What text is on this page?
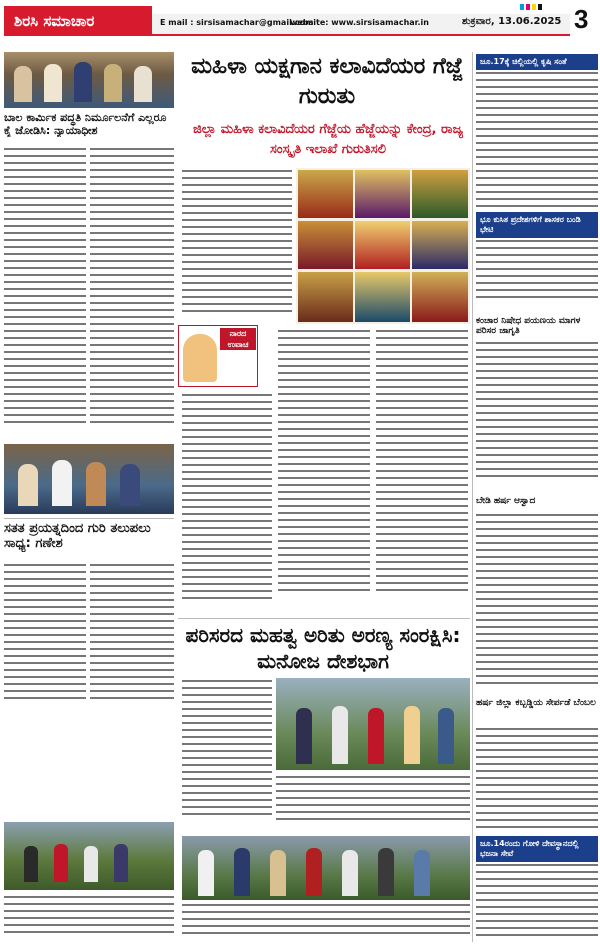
ಶಿರಸಿ ಸಮಾಚಾರ	E mail : sirsisamachar@gmail.com
website: www.sirsisamachar.in	ಶುಕ್ರವಾರ, 13.06.2025 3
ಬಾಲ ಕಾರ್ಮಿಕ ಪದ್ಧತಿ ನಿರ್ಮೂಲನೆಗೆ ಎಲ್ಲರೂ ಕೈ ಜೋಡಿಸಿ: ನ್ಯಾಯಾಧೀಶ
ಸತತ ಪ್ರಯತ್ನದಿಂದ ಗುರಿ ತಲುಪಲು ಸಾಧ್ಯ: ಗಣೇಶ
ಮಹಿಳಾ ಯಕ್ಷಗಾನ ಕಲಾವಿದೆಯರ ಗೆಜ್ಜೆ ಗುರುತು
ಜಿಲ್ಲಾ ಮಹಿಳಾ ಕಲಾವಿದೆಯರ ಗೆಜ್ಜೆಯ ಹೆಜ್ಜೆಯನ್ನು ಕೇಂದ್ರ, ರಾಜ್ಯ ಸಂಸ್ಕೃತಿ ಇಲಾಖೆ ಗುರುತಿಸಲಿ
ನಾರದ ಉವಾಚ
ಪರಿಸರದ ಮಹತ್ವ ಅರಿತು ಅರಣ್ಯ ಸಂರಕ್ಷಿಸಿ: ಮನೋಜ ದೇಶಭಾಗ
ಜೂ.17ಕ್ಕೆ ಚಿಲ್ಲಿಯಲ್ಲಿ ಕೃಷಿ ಸಂತೆ
ಭೂ ಕುಸಿತ ಪ್ರದೇಶಗಳಿಗೆ ಶಾಸಕರ ಬಂಡಿ ಭೇಟಿ
ಕಂಚಾರ ನಿಷೇಧ ಪಯಣಯ ಮಾಗಳ ಪರಿಸರ ಜಾಗೃತಿ
ಬೇಡಿ ಹರ್ಷ ಆಸ್ವಾದ
ಹರ್ಷ ಜಿಲ್ಲಾ ಕಬ್ಬಡ್ಡಿಯ ಸೇರ್ಪಡೆ ಬೆಂಬಲ
ಜೂ.14ರಂದು ಗೋಳಿ ದೇವಸ್ಥಾನದಲ್ಲಿ ಭಜನಾ ಸೇವೆ
